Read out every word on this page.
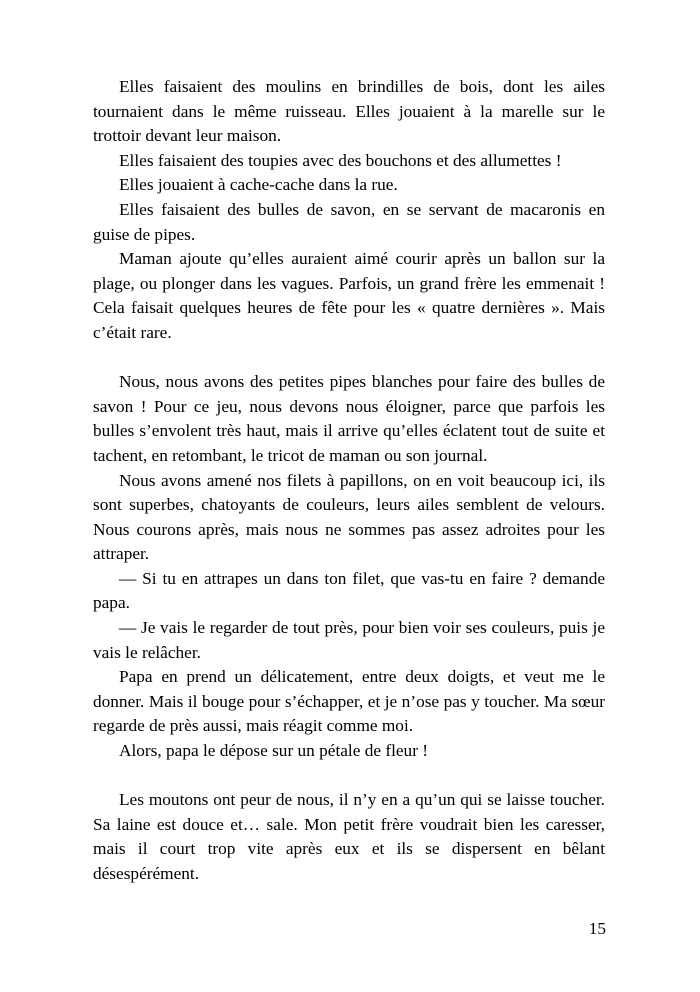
Elles faisaient des moulins en brindilles de bois, dont les ailes tournaient dans le même ruisseau. Elles jouaient à la marelle sur le trottoir devant leur maison.

Elles faisaient des toupies avec des bouchons et des allumettes !

Elles jouaient à cache-cache dans la rue.

Elles faisaient des bulles de savon, en se servant de macaronis en guise de pipes.

Maman ajoute qu’elles auraient aimé courir après un ballon sur la plage, ou plonger dans les vagues. Parfois, un grand frère les emmenait ! Cela faisait quelques heures de fête pour les « quatre dernières ». Mais c’était rare.

Nous, nous avons des petites pipes blanches pour faire des bulles de savon ! Pour ce jeu, nous devons nous éloigner, parce que parfois les bulles s’envolent très haut, mais il arrive qu’elles éclatent tout de suite et tachent, en retombant, le tricot de maman ou son journal.

Nous avons amené nos filets à papillons, on en voit beaucoup ici, ils sont superbes, chatoyants de couleurs, leurs ailes semblent de velours. Nous courons après, mais nous ne sommes pas assez adroites pour les attraper.

— Si tu en attrapes un dans ton filet, que vas-tu en faire ? demande papa.

— Je vais le regarder de tout près, pour bien voir ses couleurs, puis je vais le relâcher.

Papa en prend un délicatement, entre deux doigts, et veut me le donner. Mais il bouge pour s’échapper, et je n’ose pas y toucher. Ma sœur regarde de près aussi, mais réagit comme moi.

Alors, papa le dépose sur un pétale de fleur !

Les moutons ont peur de nous, il n’y en a qu’un qui se laisse toucher. Sa laine est douce et… sale. Mon petit frère voudrait bien les caresser, mais il court trop vite après eux et ils se dispersent en bêlant désespérément.

15
